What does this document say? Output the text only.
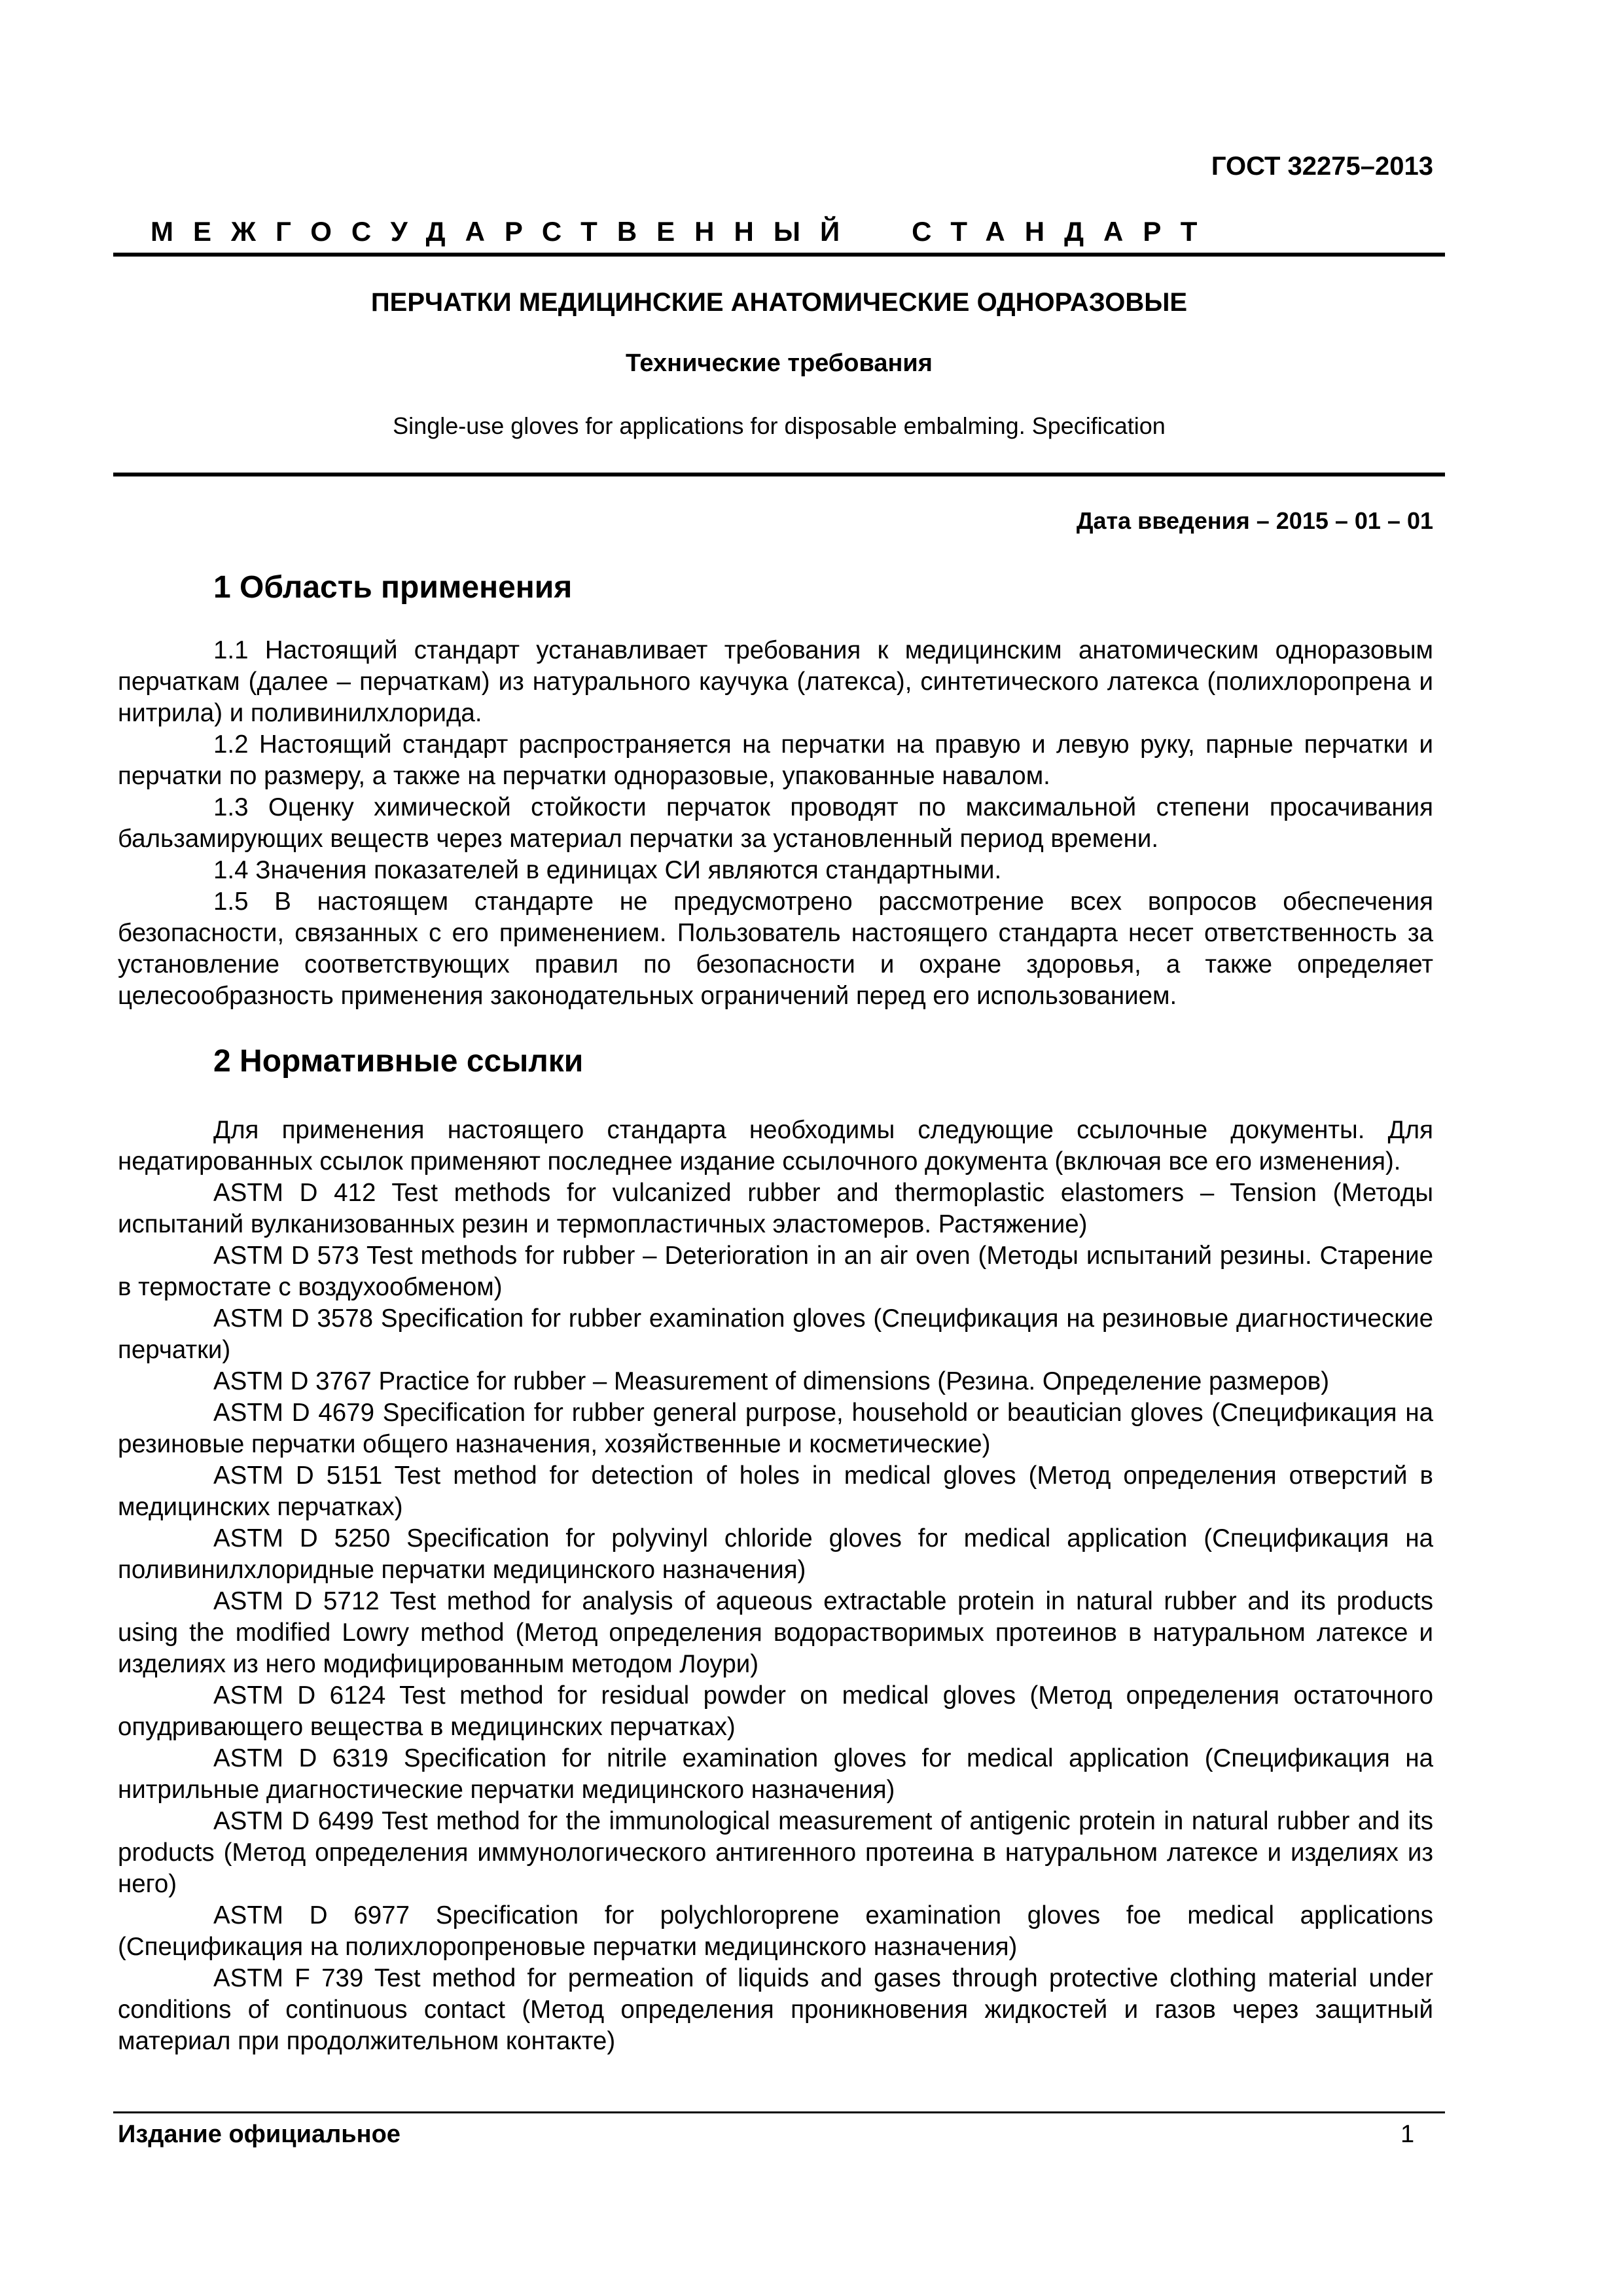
ГОСТ 32275–2013
МЕЖГОСУДАРСТВЕННЫЙ СТАНДАРТ
ПЕРЧАТКИ МЕДИЦИНСКИЕ АНАТОМИЧЕСКИЕ ОДНОРАЗОВЫЕ
Технические требования
Single-use gloves for applications for disposable embalming. Specification
Дата введения – 2015 – 01 – 01
1 Область применения

1.1 Настоящий стандарт устанавливает требования к медицинским анатомическим одноразовым перчаткам (далее – перчаткам) из натурального каучука (латекса), синтетического латекса (полихлоропрена и нитрила) и поливинилхлорида.

1.2 Настоящий стандарт распространяется на перчатки на правую и левую руку, парные перчатки и перчатки по размеру, а также на перчатки одноразовые, упакованные навалом.

1.3 Оценку химической стойкости перчаток проводят по максимальной степени просачивания бальзамирующих веществ через материал перчатки за установленный период времени.

1.4 Значения показателей в единицах СИ являются стандартными.

1.5 В настоящем стандарте не предусмотрено рассмотрение всех вопросов обеспечения безопасности, связанных с его применением. Пользователь настоящего стандарта несет ответственность за установление соответствующих правил по безопасности и охране здоровья, а также определяет целесообразность применения законодательных ограничений перед его использованием.

2 Нормативные ссылки

Для применения настоящего стандарта необходимы следующие ссылочные документы. Для недатированных ссылок применяют последнее издание ссылочного документа (включая все его изменения).

ASTM D 412 Test methods for vulcanized rubber and thermoplastic elastomers – Tension (Методы испытаний вулканизованных резин и термопластичных эластомеров. Растяжение)

ASTM D 573 Test methods for rubber – Deterioration in an air oven (Методы испытаний резины. Старение в термостате с воздухообменом)

ASTM D 3578 Specification for rubber examination gloves (Спецификация на резиновые диагностические перчатки)

ASTM D 3767 Practice for rubber – Measurement of dimensions (Резина. Определение размеров)

ASTM D 4679 Specification for rubber general purpose, household or beautician gloves (Спецификация на резиновые перчатки общего назначения, хозяйственные и косметические)

ASTM D 5151 Test method for detection of holes in medical gloves (Метод определения отверстий в медицинских перчатках)

ASTM D 5250 Specification for polyvinyl chloride gloves for medical application (Спецификация на поливинилхлоридные перчатки медицинского назначения)

ASTM D 5712 Test method for analysis of aqueous extractable protein in natural rubber and its products using the modified Lowry method (Метод определения водорастворимых протеинов в натуральном латексе и изделиях из него модифицированным методом Лоури)

ASTM D 6124 Test method for residual powder on medical gloves (Метод определения остаточного опудривающего вещества в медицинских перчатках)

ASTM D 6319 Specification for nitrile examination gloves for medical application (Спецификация на нитрильные диагностические перчатки медицинского назначения)

ASTM D 6499 Test method for the immunological measurement of antigenic protein in natural rubber and its products (Метод определения иммунологического антигенного протеина в натуральном латексе и изделиях из него)

ASTM D 6977 Specification for polychloroprene examination gloves foe medical applications (Спецификация на полихлоропреновые перчатки медицинского назначения)

ASTM F 739 Test method for permeation of liquids and gases through protective clothing material under conditions of continuous contact (Метод определения проникновения жидкостей и газов через защитный материал при продолжительном контакте)

Издание официальное	1
